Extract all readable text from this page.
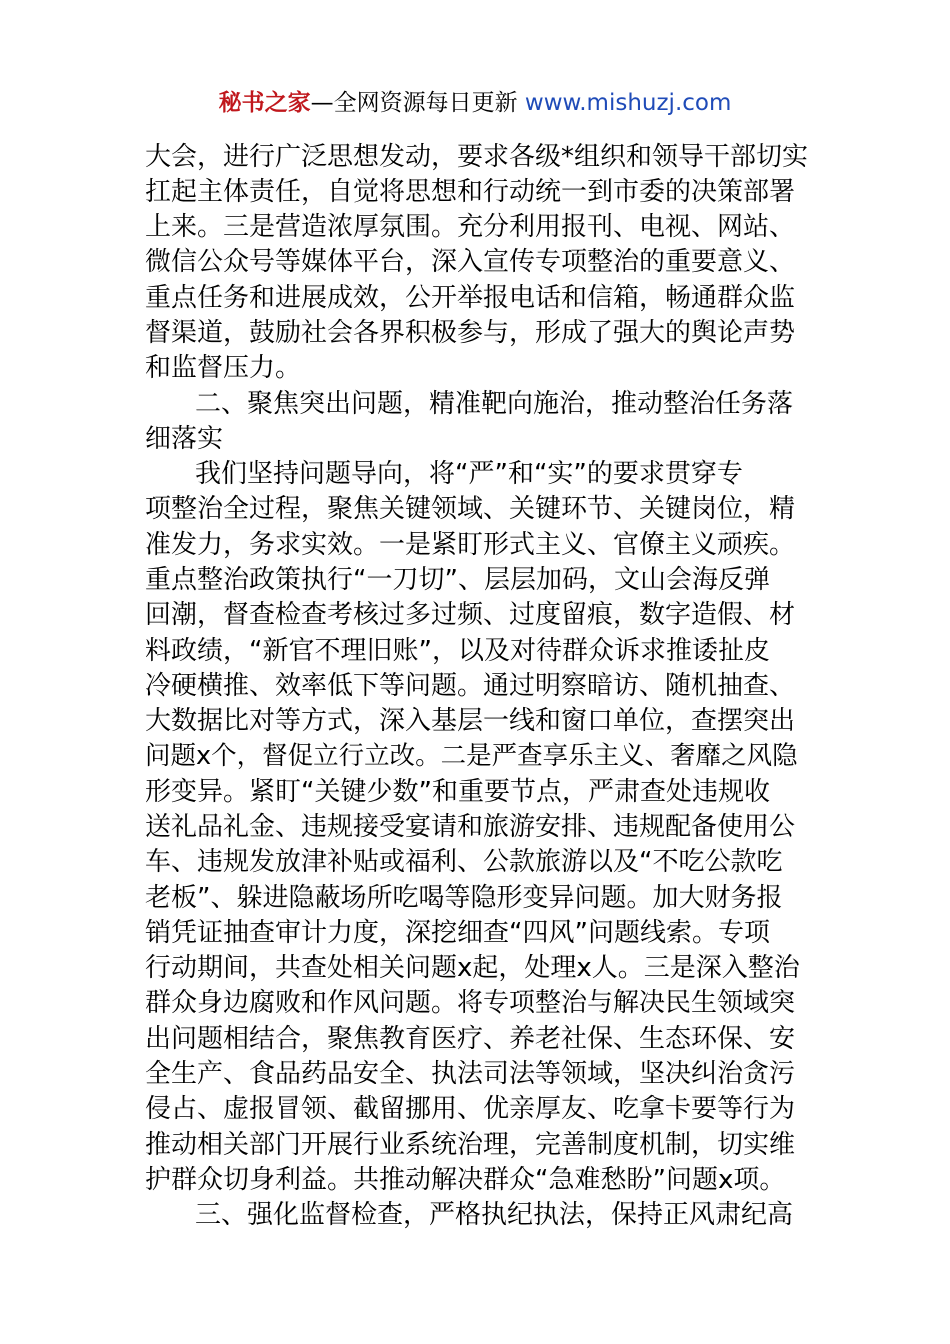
秘书之家—全网资源每日更新 www.mishuzj.com
大会，进行广泛思想发动，要求各级*组织和领导干部切实
扛起主体责任，自觉将思想和行动统一到市委的决策部署
上来。三是营造浓厚氛围。充分利用报刊、电视、网站、
微信公众号等媒体平台，深入宣传专项整治的重要意义、
重点任务和进展成效，公开举报电话和信箱，畅通群众监
督渠道，鼓励社会各界积极参与，形成了强大的舆论声势
和监督压力。
二、聚焦突出问题，精准靶向施治，推动整治任务落
细落实
我们坚持问题导向，将“严”和“实”的要求贯穿专
项整治全过程，聚焦关键领域、关键环节、关键岗位，精
准发力，务求实效。一是紧盯形式主义、官僚主义顽疾。
重点整治政策执行“一刀切”、层层加码，文山会海反弹
回潮，督查检查考核过多过频、过度留痕，数字造假、材
料政绩，“新官不理旧账”，以及对待群众诉求推诿扯皮
冷硬横推、效率低下等问题。通过明察暗访、随机抽查、
大数据比对等方式，深入基层一线和窗口单位，查摆突出
问题x个，督促立行立改。二是严查享乐主义、奢靡之风隐
形变异。紧盯“关键少数”和重要节点，严肃查处违规收
送礼品礼金、违规接受宴请和旅游安排、违规配备使用公
车、违规发放津补贴或福利、公款旅游以及“不吃公款吃
老板”、躲进隐蔽场所吃喝等隐形变异问题。加大财务报
销凭证抽查审计力度，深挖细查“四风”问题线索。专项
行动期间，共查处相关问题x起，处理x人。三是深入整治
群众身边腐败和作风问题。将专项整治与解决民生领域突
出问题相结合，聚焦教育医疗、养老社保、生态环保、安
全生产、食品药品安全、执法司法等领域，坚决纠治贪污
侵占、虚报冒领、截留挪用、优亲厚友、吃拿卡要等行为
推动相关部门开展行业系统治理，完善制度机制，切实维
护群众切身利益。共推动解决群众“急难愁盼”问题x项。
三、强化监督检查，严格执纪执法，保持正风肃纪高
